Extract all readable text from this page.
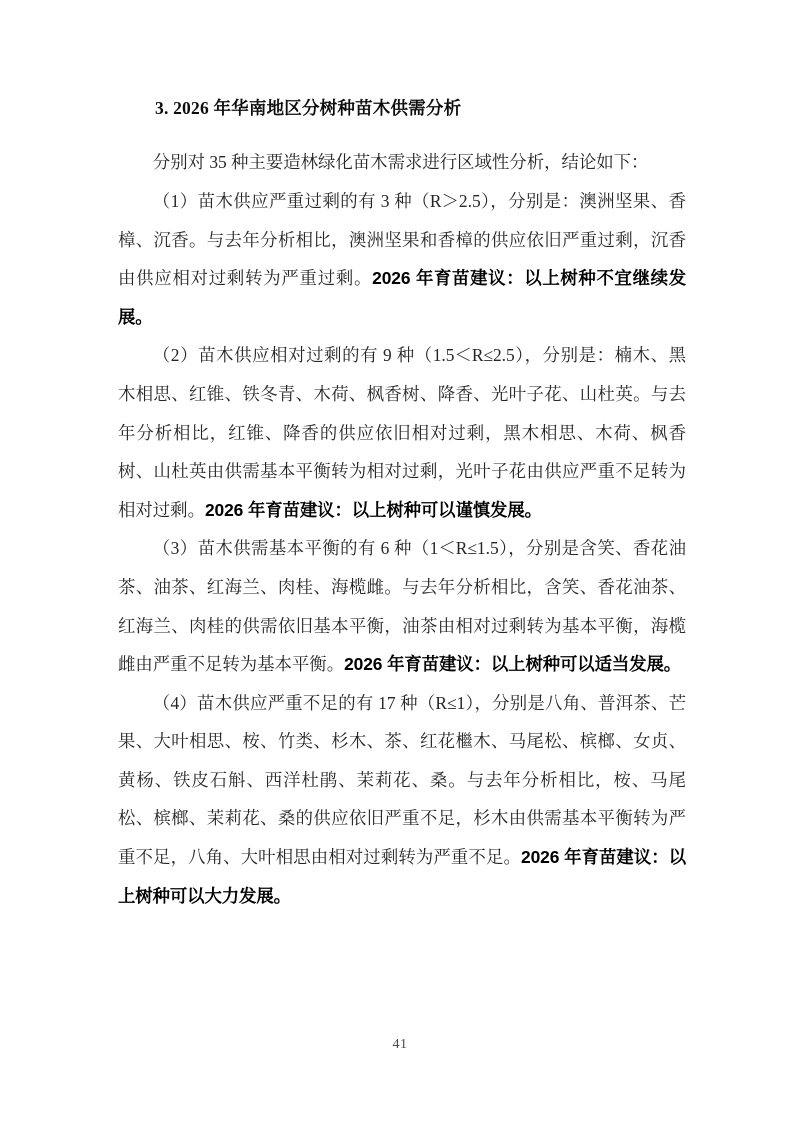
3. 2026 年华南地区分树种苗木供需分析

分别对 35 种主要造林绿化苗木需求进行区域性分析，结论如下：

（1）苗木供应严重过剩的有 3 种（R＞2.5），分别是：澳洲坚果、香樟、沉香。与去年分析相比，澳洲坚果和香樟的供应依旧严重过剩，沉香由供应相对过剩转为严重过剩。2026 年育苗建议：以上树种不宜继续发展。

（2）苗木供应相对过剩的有 9 种（1.5＜R≤2.5），分别是：楠木、黑木相思、红锥、铁冬青、木荷、枫香树、降香、光叶子花、山杜英。与去年分析相比，红锥、降香的供应依旧相对过剩，黑木相思、木荷、枫香树、山杜英由供需基本平衡转为相对过剩，光叶子花由供应严重不足转为相对过剩。2026 年育苗建议：以上树种可以谨慎发展。

（3）苗木供需基本平衡的有 6 种（1＜R≤1.5），分别是含笑、香花油茶、油茶、红海兰、肉桂、海榄雌。与去年分析相比，含笑、香花油茶、红海兰、肉桂的供需依旧基本平衡，油茶由相对过剩转为基本平衡，海榄雌由严重不足转为基本平衡。2026 年育苗建议：以上树种可以适当发展。

（4）苗木供应严重不足的有 17 种（R≤1），分别是八角、普洱茶、芒果、大叶相思、桉、竹类、杉木、茶、红花檵木、马尾松、槟榔、女贞、黄杨、铁皮石斛、西洋杜鹃、茉莉花、桑。与去年分析相比，桉、马尾松、槟榔、茉莉花、桑的供应依旧严重不足，杉木由供需基本平衡转为严重不足，八角、大叶相思由相对过剩转为严重不足。2026 年育苗建议：以上树种可以大力发展。

41
